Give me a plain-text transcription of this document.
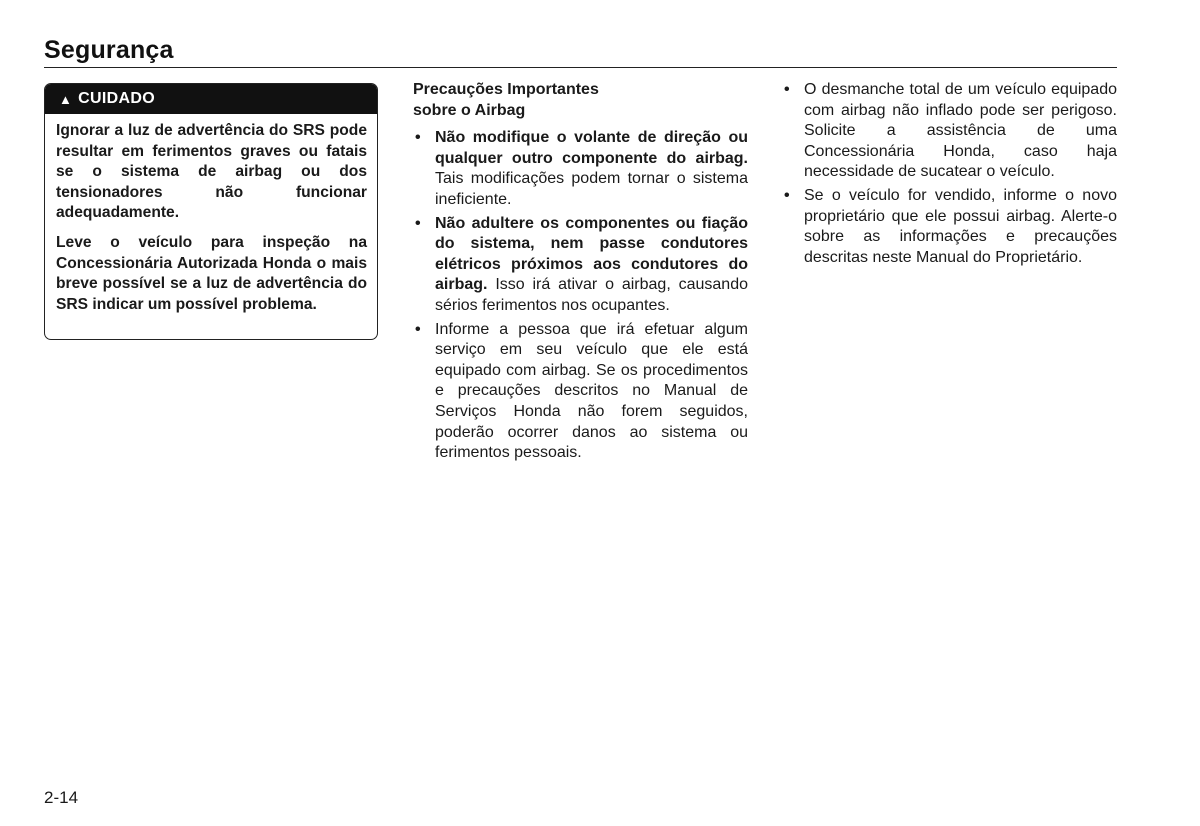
Segurança
▲ CUIDADO

Ignorar a luz de advertência do SRS pode resultar em ferimentos graves ou fatais se o sistema de airbag ou dos tensionadores não funcionar adequadamente.

Leve o veículo para inspeção na Concessionária Autorizada Honda o mais breve possível se a luz de advertência do SRS indicar um possível problema.

Precauções Importantes
sobre o Airbag

• Não modifique o volante de direção ou qualquer outro componente do airbag. Tais modificações podem tornar o sistema ineficiente.
• Não adultere os componentes ou fiação do sistema, nem passe condutores elétricos próximos aos condutores do airbag. Isso irá ativar o airbag, causando sérios ferimentos nos ocupantes.
• Informe a pessoa que irá efetuar algum serviço em seu veículo que ele está equipado com airbag. Se os procedimentos e precauções descritos no Manual de Serviços Honda não forem seguidos, poderão ocorrer danos ao sistema ou ferimentos pessoais.
• O desmanche total de um veículo equipado com airbag não inflado pode ser perigoso. Solicite a assistência de uma Concessionária Honda, caso haja necessidade de sucatear o veículo.
• Se o veículo for vendido, informe o novo proprietário que ele possui airbag. Alerte-o sobre as informações e precauções descritas neste Manual do Proprietário.
2-14
